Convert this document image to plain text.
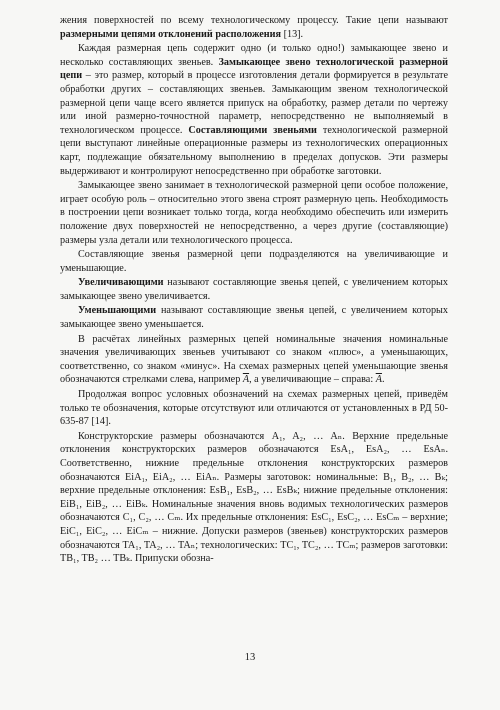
жения поверхностей по всему технологическому процессу. Такие цепи называют размерными цепями отклонений расположения [13].

Каждая размерная цепь содержит одно (и только одно!) замыкающее звено и несколько составляющих звеньев. Замыкающее звено технологической размерной цепи – это размер, который в процессе изготовления детали формируется в результате обработки других – составляющих звеньев. Замыкающим звеном технологической размерной цепи чаще всего является припуск на обработку, размер детали по чертежу или иной размерно-точностной параметр, непосредственно не выполняемый в технологическом процессе. Составляющими звеньями технологической размерной цепи выступают линейные операционные размеры из технологических операционных карт, подлежащие обязательному выполнению в пределах допусков. Эти размеры выдерживают и контролируют непосредственно при обработке заготовки.

Замыкающее звено занимает в технологической размерной цепи особое положение, играет особую роль – относительно этого звена строят размерную цепь. Необходимость в построении цепи возникает только тогда, когда необходимо обеспечить или измерить положение двух поверхностей не непосредственно, а через другие (составляющие) размеры узла детали или технологического процесса.

Составляющие звенья размерной цепи подразделяются на увеличивающие и уменьшающие.

Увеличивающими называют составляющие звенья цепей, с увеличением которых замыкающее звено увеличивается.

Уменьшающими называют составляющие звенья цепей, с увеличением которых замыкающее звено уменьшается.

В расчётах линейных размерных цепей номинальные значения номинальные значения увеличивающих звеньев учитывают со знаком «плюс», а уменьшающих, соответственно, со знаком «минус». На схемах размерных цепей уменьшающие звенья обозначаются стрелками слева, например $\overline{A}$, а увеличивающие – справа: $\overline{A}$.

Продолжая вопрос условных обозначений на схемах размерных цепей, приведём только те обозначения, которые отсутствуют или отличаются от установленных в РД 50-635-87 [14].

Конструкторские размеры обозначаются A₁, A₂, … Aₙ. Верхние предельные отклонения конструкторских размеров обозначаются EsA₁, EsA₂, … EsAₙ. Соответственно, нижние предельные отклонения конструкторских размеров обозначаются EiA₁, EiA₂, … EiAₙ. Размеры заготовок: номинальные: B₁, B₂, … Bₖ; верхние предельные отклонения: EsB₁, EsB₂, … EsBₖ; нижние предельные отклонения: EiB₁, EiB₂, … EiBₖ. Номинальные значения вновь водимых технологических размеров обозначаются C₁, C₂, … Cₘ. Их предельные отклонения: EsC₁, EsC₂, … EsCₘ – верхние; EiC₁, EiC₂, … EiCₘ – нижние. Допуски размеров (звеньев) конструкторских размеров обозначаются TA₁, TA₂, … TAₙ; технологических: TC₁, TC₂, … TCₘ; размеров заготовки: TB₁, TB₂ … TBₖ. Припуски обозна-

13
